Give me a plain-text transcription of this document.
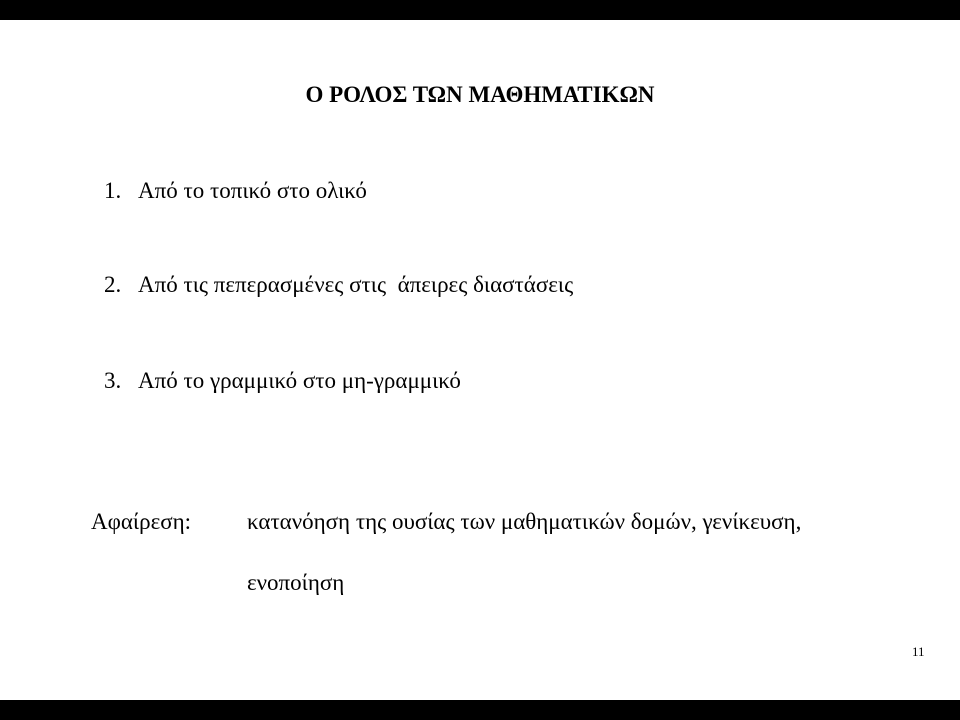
Ο ΡΟΛΟΣ ΤΩΝ ΜΑΘΗΜΑΤΙΚΩΝ
1. Από το τοπικό στο ολικό
2. Από τις πεπερασμένες στις  άπειρες διαστάσεις
3. Από το γραμμικό στο μη-γραμμικό
Αφαίρεση: κατανόηση της ουσίας των μαθηματικών δομών, γενίκευση,
ενοποίηση
11
